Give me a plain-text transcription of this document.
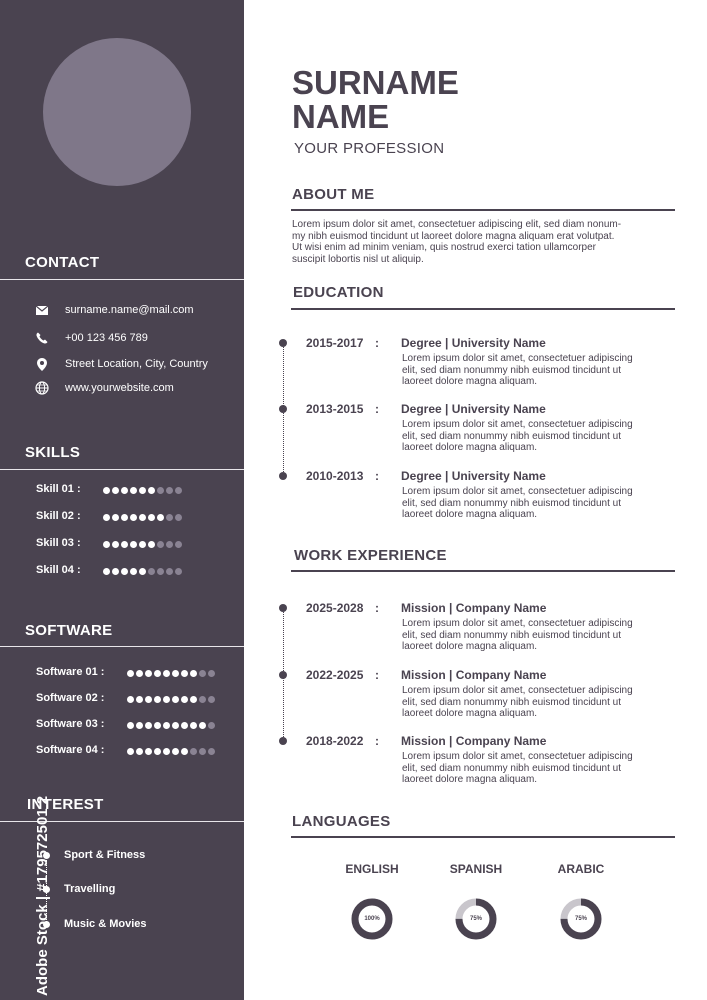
CONTACT
surname.name@mail.com
+00 123 456 789
Street Location, City, Country
www.yourwebsite.com
SKILLS
Skill 01 :
Skill 02 :
Skill 03 :
Skill 04 :
SOFTWARE
Software 01 :
Software 02 :
Software 03 :
Software 04 :
INTEREST
Sport & Fitness
Travelling
Music & Movies
Adobe Stock | #179572501 2
SURNAME
NAME
YOUR PROFESSION
ABOUT ME
Lorem ipsum dolor sit amet, consectetuer adipiscing elit, sed diam nonum-
my nibh euismod tincidunt ut laoreet dolore magna aliquam erat volutpat.
Ut wisi enim ad minim veniam, quis nostrud exerci tation ullamcorper
suscipit lobortis nisl ut aliquip.
EDUCATION
2015-2017 : Degree | University Name
Lorem ipsum dolor sit amet, consectetuer adipiscing
elit, sed diam nonummy nibh euismod tincidunt ut
laoreet dolore magna aliquam.
2013-2015 : Degree | University Name
Lorem ipsum dolor sit amet, consectetuer adipiscing
elit, sed diam nonummy nibh euismod tincidunt ut
laoreet dolore magna aliquam.
2010-2013 : Degree | University Name
Lorem ipsum dolor sit amet, consectetuer adipiscing
elit, sed diam nonummy nibh euismod tincidunt ut
laoreet dolore magna aliquam.
WORK EXPERIENCE
2025-2028 : Mission | Company Name
Lorem ipsum dolor sit amet, consectetuer adipiscing
elit, sed diam nonummy nibh euismod tincidunt ut
laoreet dolore magna aliquam.
2022-2025 : Mission | Company Name
Lorem ipsum dolor sit amet, consectetuer adipiscing
elit, sed diam nonummy nibh euismod tincidunt ut
laoreet dolore magna aliquam.
2018-2022 : Mission | Company Name
Lorem ipsum dolor sit amet, consectetuer adipiscing
elit, sed diam nonummy nibh euismod tincidunt ut
laoreet dolore magna aliquam.
LANGUAGES
ENGLISH
100%
SPANISH
75%
ARABIC
75%
